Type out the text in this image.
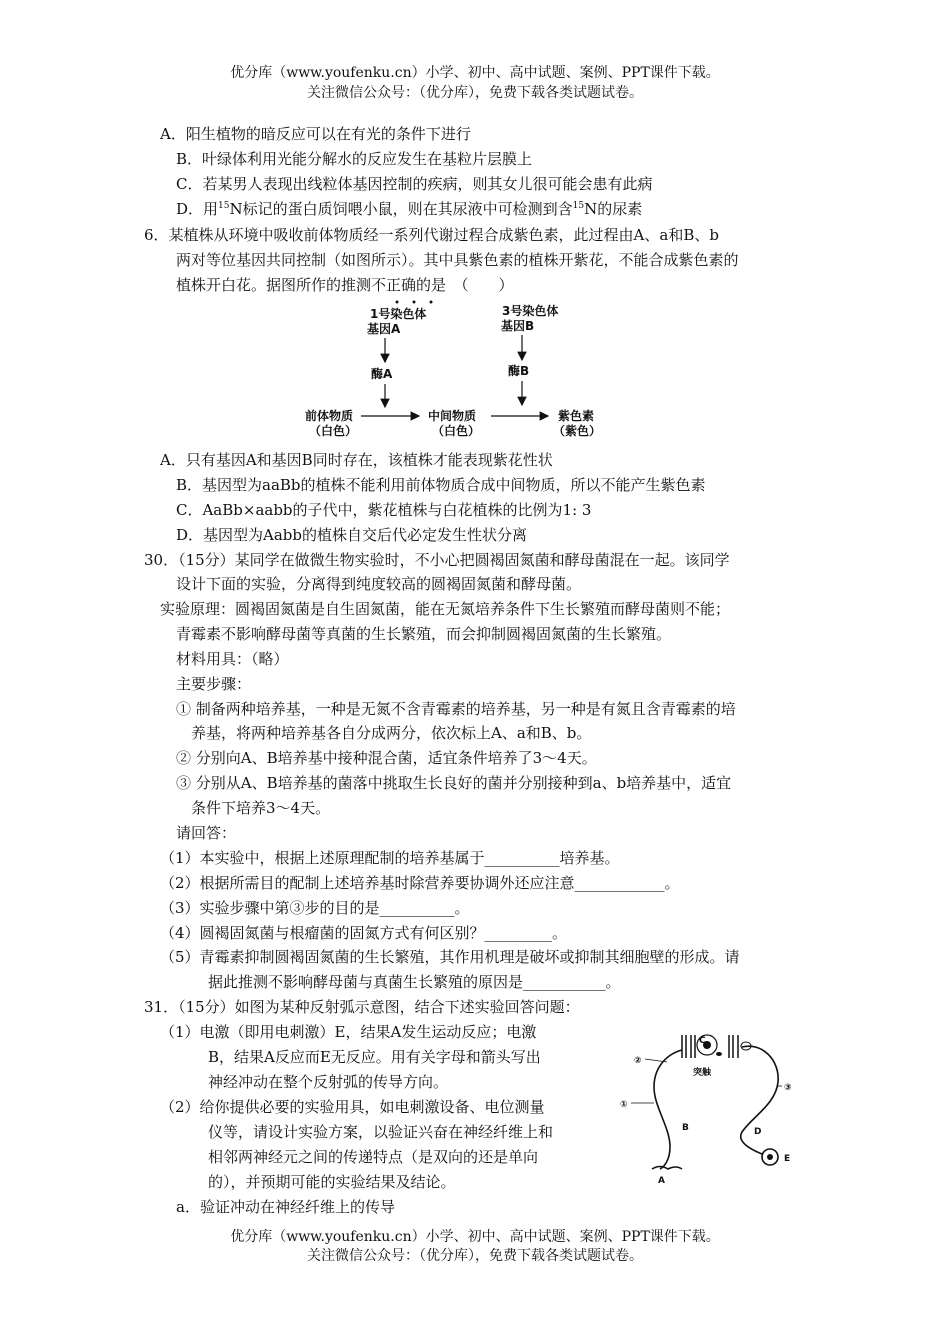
优分库（www.youfenku.cn）小学、初中、高中试题、案例、PPT课件下载。
关注微信公众号：（优分库），免费下载各类试题试卷。
A．阳生植物的暗反应可以在有光的条件下进行
B．叶绿体利用光能分解水的反应发生在基粒片层膜上
C．若某男人表现出线粒体基因控制的疾病，则其女儿很可能会患有此病
D．用$^{15}$N标记的蛋白质饲喂小鼠，则在其尿液中可检测到含$^{15}$N的尿素
6．某植株从环境中吸收前体物质经一系列代谢过程合成紫色素，此过程由A、a和B、b
两对等位基因共同控制（如图所示）。其中具紫色素的植株开紫花，不能合成紫色素的
植株开白花。据图所作的推测不正确的是　（　　）
1号染色体
基因A
3号染色体
基因B
酶A	酶B
前体物质
（白色）
中间物质
（白色）
紫色素
（紫色）
A．只有基因A和基因B同时存在，该植株才能表现紫花性状
B．基因型为aaBb的植株不能利用前体物质合成中间物质，所以不能产生紫色素
C．AaBb×aabb的子代中，紫花植株与白花植株的比例为1: 3
D．基因型为Aabb的植株自交后代必定发生性状分离
30．（15分）某同学在做微生物实验时，不小心把圆褐固氮菌和酵母菌混在一起。该同学
设计下面的实验，分离得到纯度较高的圆褐固氮菌和酵母菌。
实验原理：圆褐固氮菌是自生固氮菌，能在无氮培养条件下生长繁殖而酵母菌则不能；
青霉素不影响酵母菌等真菌的生长繁殖，而会抑制圆褐固氮菌的生长繁殖。
材料用具：（略）
主要步骤：
① 制备两种培养基，一种是无氮不含青霉素的培养基，另一种是有氮且含青霉素的培
养基，将两种培养基各自分成两分，依次标上A、a和B、b。
② 分别向A、B培养基中接种混合菌，适宜条件培养了3～4天。
③ 分别从A、B培养基的菌落中挑取生长良好的菌并分别接种到a、b培养基中，适宜
条件下培养3～4天。
请回答：
（1）本实验中，根据上述原理配制的培养基属于__________培养基。
（2）根据所需目的配制上述培养基时除营养要协调外还应注意____________。
（3）实验步骤中第③步的目的是__________。
（4）圆褐固氮菌与根瘤菌的固氮方式有何区别？_________。
（5）青霉素抑制圆褐固氮菌的生长繁殖，其作用机理是破坏或抑制其细胞壁的形成。请
据此推测不影响酵母菌与真菌生长繁殖的原因是___________。
31．（15分）如图为某种反射弧示意图，结合下述实验回答问题：
（1）电激（即用电刺激）E，结果A发生运动反应；电激
B，结果A反应而E无反应。用有关字母和箭头写出
神经冲动在整个反射弧的传导方向。
（2）给你提供必要的实验用具，如电刺激设备、电位测量
仪等，请设计实验方案，以验证兴奋在神经纤维上和
相邻两神经元之间的传递特点（是双向的还是单向
的），并预期可能的实验结果及结论。
a．验证冲动在神经纤维上的传导
C
突触
②
①
③
B	D
E
A
优分库（www.youfenku.cn）小学、初中、高中试题、案例、PPT课件下载。
关注微信公众号：（优分库），免费下载各类试题试卷。
